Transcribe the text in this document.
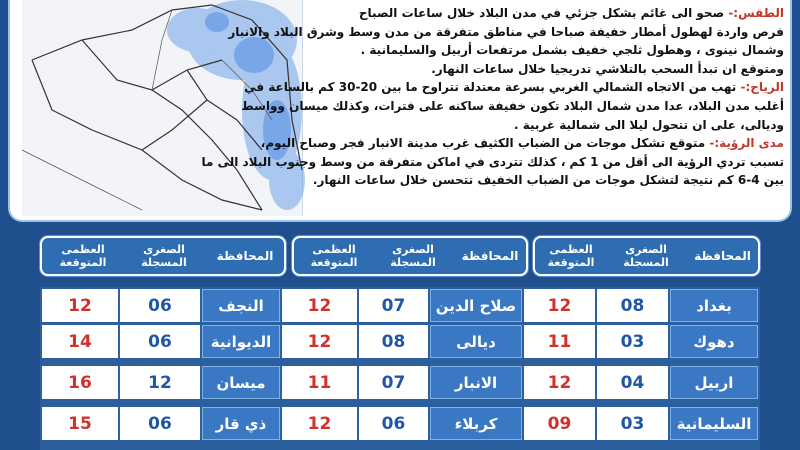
الطقس:- صحو الى غائم بشكل جزئي في مدن البلاد خلال ساعات الصباح
فرص واردة لهطول أمطار خفيفة صباحا في مناطق متفرقة من مدن وسط وشرق البلاد والانبار
وشمال نينوى ، وهطول ثلجي خفيف بشمل مرتفعات أربيل والسليمانية .
ومتوقع ان تبدأ السحب بالتلاشي تدريجيا خلال ساعات النهار.
الرياح:- تهب من الاتجاه الشمالي الغربي بسرعة معتدلة تتراوح ما بين 20-30 كم بالساعة في
أغلب مدن البلاد، عدا مدن شمال البلاد تكون خفيفة ساكنه على فترات، وكذلك ميسان وواسط
وديالى، على ان تتحول ليلا الى شمالية غربية .
مدى الرؤية:- متوقع تشكل موجات من الضباب الكثيف غرب مدينة الانبار فجر وصباح اليوم،
تسبب تردي الرؤية الى أقل من 1 كم ، كذلك تتردى في اماكن متفرقة من وسط وجنوب البلاد الى ما
بين 4-6 كم نتيجة لتشكل موجات من الضباب الخفيف تتحسن خلال ساعات النهار.
المحافظة
الصغرى المسجلة
العظمى المتوقعة
المحافظة
الصغرى المسجلة
العظمى المتوقعة
المحافظة
الصغرى المسجلة
العظمى المتوقعة
بغداد
08
12
دهوك
03
11
اربيل
04
12
السليمانية
03
09
صلاح الدين
07
12
ديالى
08
12
الانبار
07
11
كربلاء
06
12
النجف
06
12
الديوانية
06
14
ميسان
12
16
ذي قار
06
15
